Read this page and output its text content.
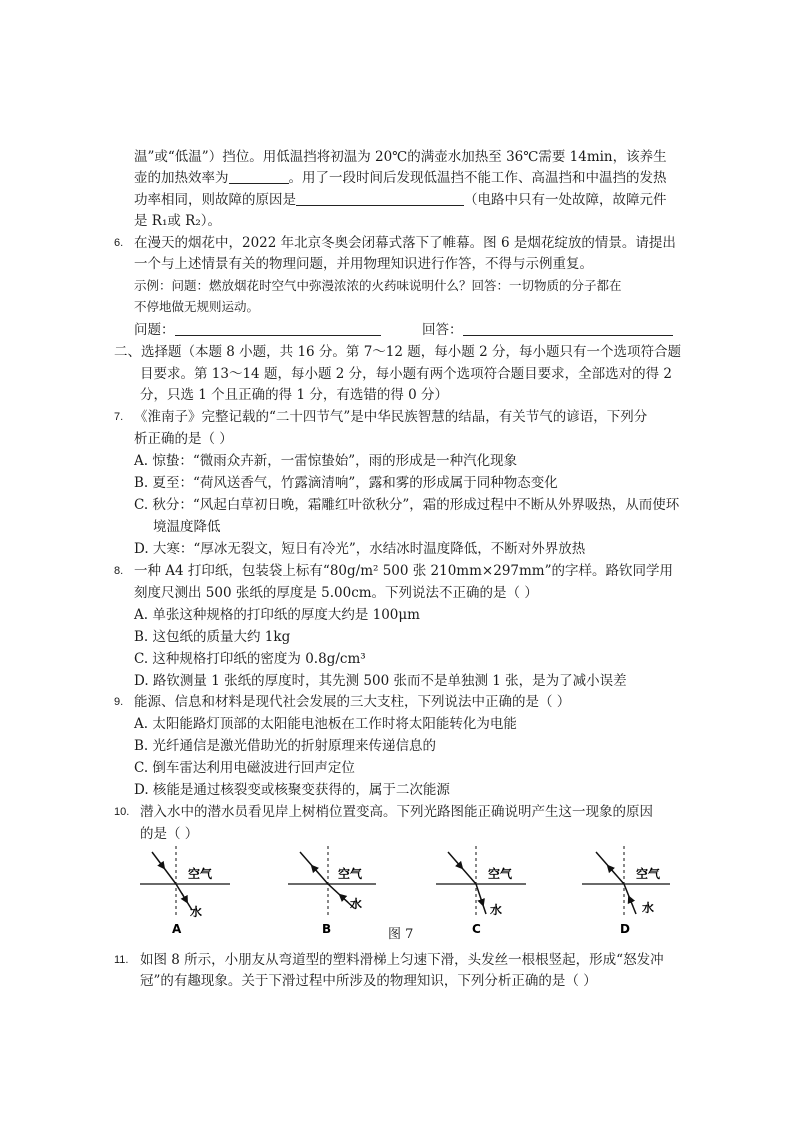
温”或“低温”）挡位。用低温挡将初温为 20℃的满壶水加热至 36℃需要 14min，该养生
壶的加热效率为	。用了一段时间后发现低温挡不能工作、高温挡和中温挡的发热
功率相同，则故障的原因是	（电路中只有一处故障，故障元件
是 R₁或 R₂）。
6. 在漫天的烟花中，2022 年北京冬奥会闭幕式落下了帷幕。图 6 是烟花绽放的情景。请提出
一个与上述情景有关的物理问题，并用物理知识进行作答，不得与示例重复。
示例：问题：燃放烟花时空气中弥漫浓浓的火药味说明什么？回答：一切物质的分子都在
不停地做无规则运动。
问题：	回答：
二、选择题（本题 8 小题，共 16 分。第 7～12 题，每小题 2 分，每小题只有一个选项符合题
目要求。第 13～14 题，每小题 2 分，每小题有两个选项符合题目要求，全部选对的得 2
分，只选 1 个且正确的得 1 分，有选错的得 0 分）
7. 《淮南子》完整记载的“二十四节气”是中华民族智慧的结晶，有关节气的谚语，下列分
析正确的是（ ）
A. 惊蛰：“微雨众卉新，一雷惊蛰始”，雨的形成是一种汽化现象
B. 夏至：“荷风送香气，竹露滴清响”，露和雾的形成属于同种物态变化
C. 秋分：“风起白草初日晚，霜雕红叶欲秋分”，霜的形成过程中不断从外界吸热，从而使环
境温度降低
D. 大寒：“厚冰无裂文，短日有冷光”，水结冰时温度降低，不断对外界放热
8. 一种 A4 打印纸，包装袋上标有“80g/m² 500 张 210mm×297mm”的字样。路钦同学用
刻度尺测出 500 张纸的厚度是 5.00cm。下列说法不正确的是（ ）
A. 单张这种规格的打印纸的厚度大约是 100μm
B. 这包纸的质量大约 1kg
C. 这种规格打印纸的密度为 0.8g/cm³
D. 路钦测量 1 张纸的厚度时，其先测 500 张而不是单独测 1 张，是为了减小误差
9. 能源、信息和材料是现代社会发展的三大支柱，下列说法中正确的是（ ）
A. 太阳能路灯顶部的太阳能电池板在工作时将太阳能转化为电能
B. 光纤通信是激光借助光的折射原理来传递信息的
C. 倒车雷达利用电磁波进行回声定位
D. 核能是通过核裂变或核聚变获得的，属于二次能源
10. 潜入水中的潜水员看见岸上树梢位置变高。下列光路图能正确说明产生这一现象的原因
的是（ ）
空气
水
A
空气
水
B
空气
水
C
空气
水
D
图 7
11. 如图 8 所示，小朋友从弯道型的塑料滑梯上匀速下滑，头发丝一根根竖起，形成“怒发冲
冠”的有趣现象。关于下滑过程中所涉及的物理知识，下列分析正确的是（ ）
